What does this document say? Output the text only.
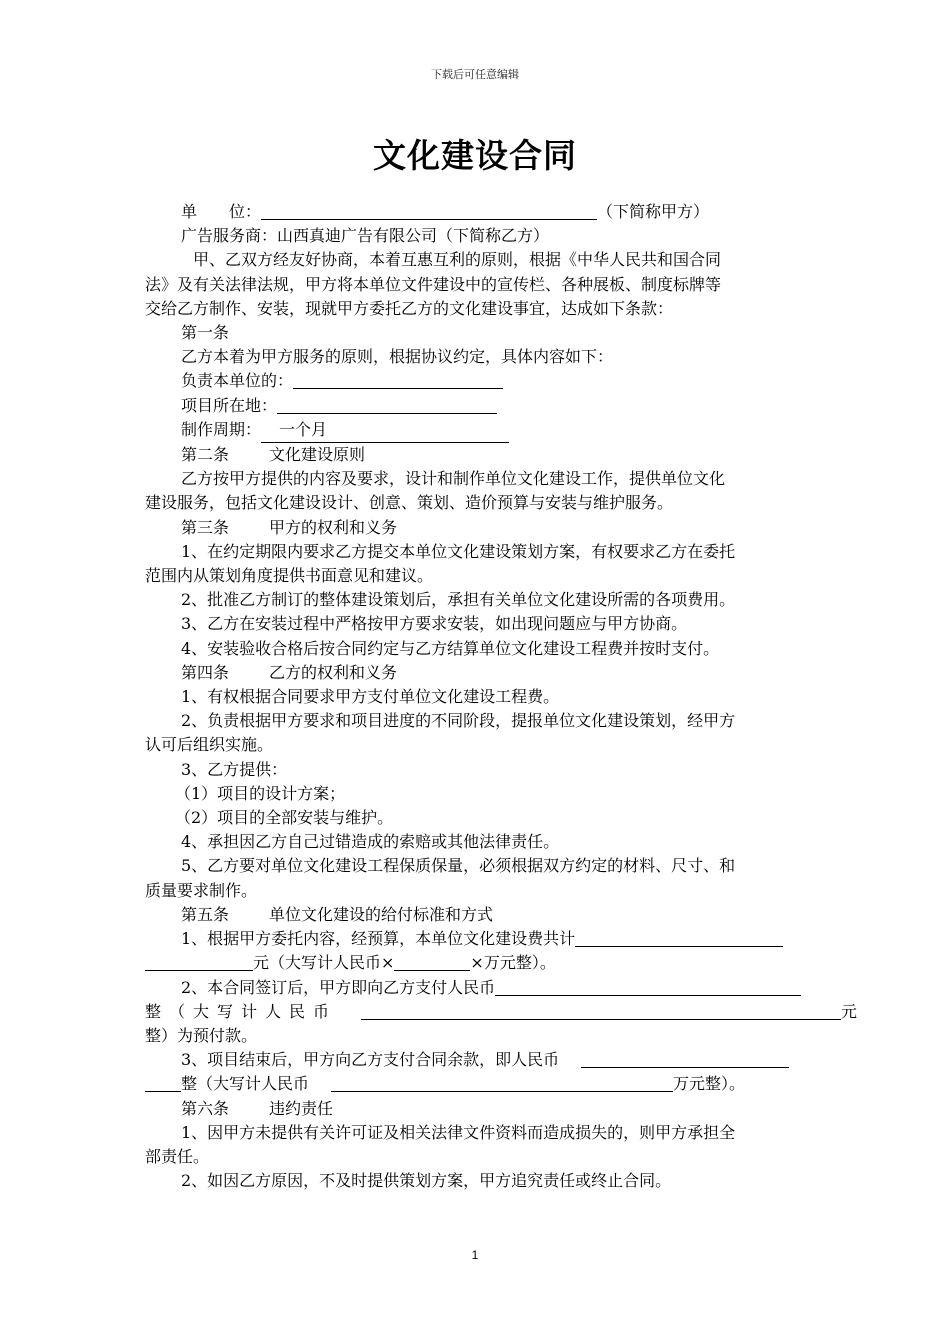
下载后可任意编辑
文化建设合同
单 位：	（下简称甲方）
广告服务商：山西真迪广告有限公司（下简称乙方）
甲、乙双方经友好协商，本着互惠互利的原则，根据《中华人民共和国合同
法》及有关法律法规，甲方将本单位文件建设中的宣传栏、各种展板、制度标牌等
交给乙方制作、安装，现就甲方委托乙方的文化建设事宜，达成如下条款：
第一条
乙方本着为甲方服务的原则，根据协议约定，具体内容如下：
负责本单位的：
项目所在地：
制作周期： 一个月
第二条	文化建设原则
乙方按甲方提供的内容及要求，设计和制作单位文化建设工作，提供单位文化
建设服务，包括文化建设设计、创意、策划、造价预算与安装与维护服务。
第三条	甲方的权利和义务
1、在约定期限内要求乙方提交本单位文化建设策划方案，有权要求乙方在委托
范围内从策划角度提供书面意见和建议。
2、批准乙方制订的整体建设策划后，承担有关单位文化建设所需的各项费用。
3、乙方在安装过程中严格按甲方要求安装，如出现问题应与甲方协商。
4、安装验收合格后按合同约定与乙方结算单位文化建设工程费并按时支付。
第四条	乙方的权利和义务
1、有权根据合同要求甲方支付单位文化建设工程费。
2、负责根据甲方要求和项目进度的不同阶段，提报单位文化建设策划，经甲方
认可后组织实施。
3、乙方提供：
（1）项目的设计方案；
（2）项目的全部安装与维护。
4、承担因乙方自己过错造成的索赔或其他法律责任。
5、乙方要对单位文化建设工程保质保量，必须根据双方约定的材料、尺寸、和
质量要求制作。
第五条	单位文化建设的给付标准和方式
1、根据甲方委托内容，经预算，本单位文化建设费共计
元（大写计人民币×	×万元整）。
2、本合同签订后，甲方即向乙方支付人民币
整（大写计人民币	元
整）为预付款。
3、项目结束后，甲方向乙方支付合同余款，即人民币
整（大写计人民币	万元整）。
第六条	违约责任
1、因甲方未提供有关许可证及相关法律文件资料而造成损失的，则甲方承担全
部责任。
2、如因乙方原因，不及时提供策划方案，甲方追究责任或终止合同。
1
